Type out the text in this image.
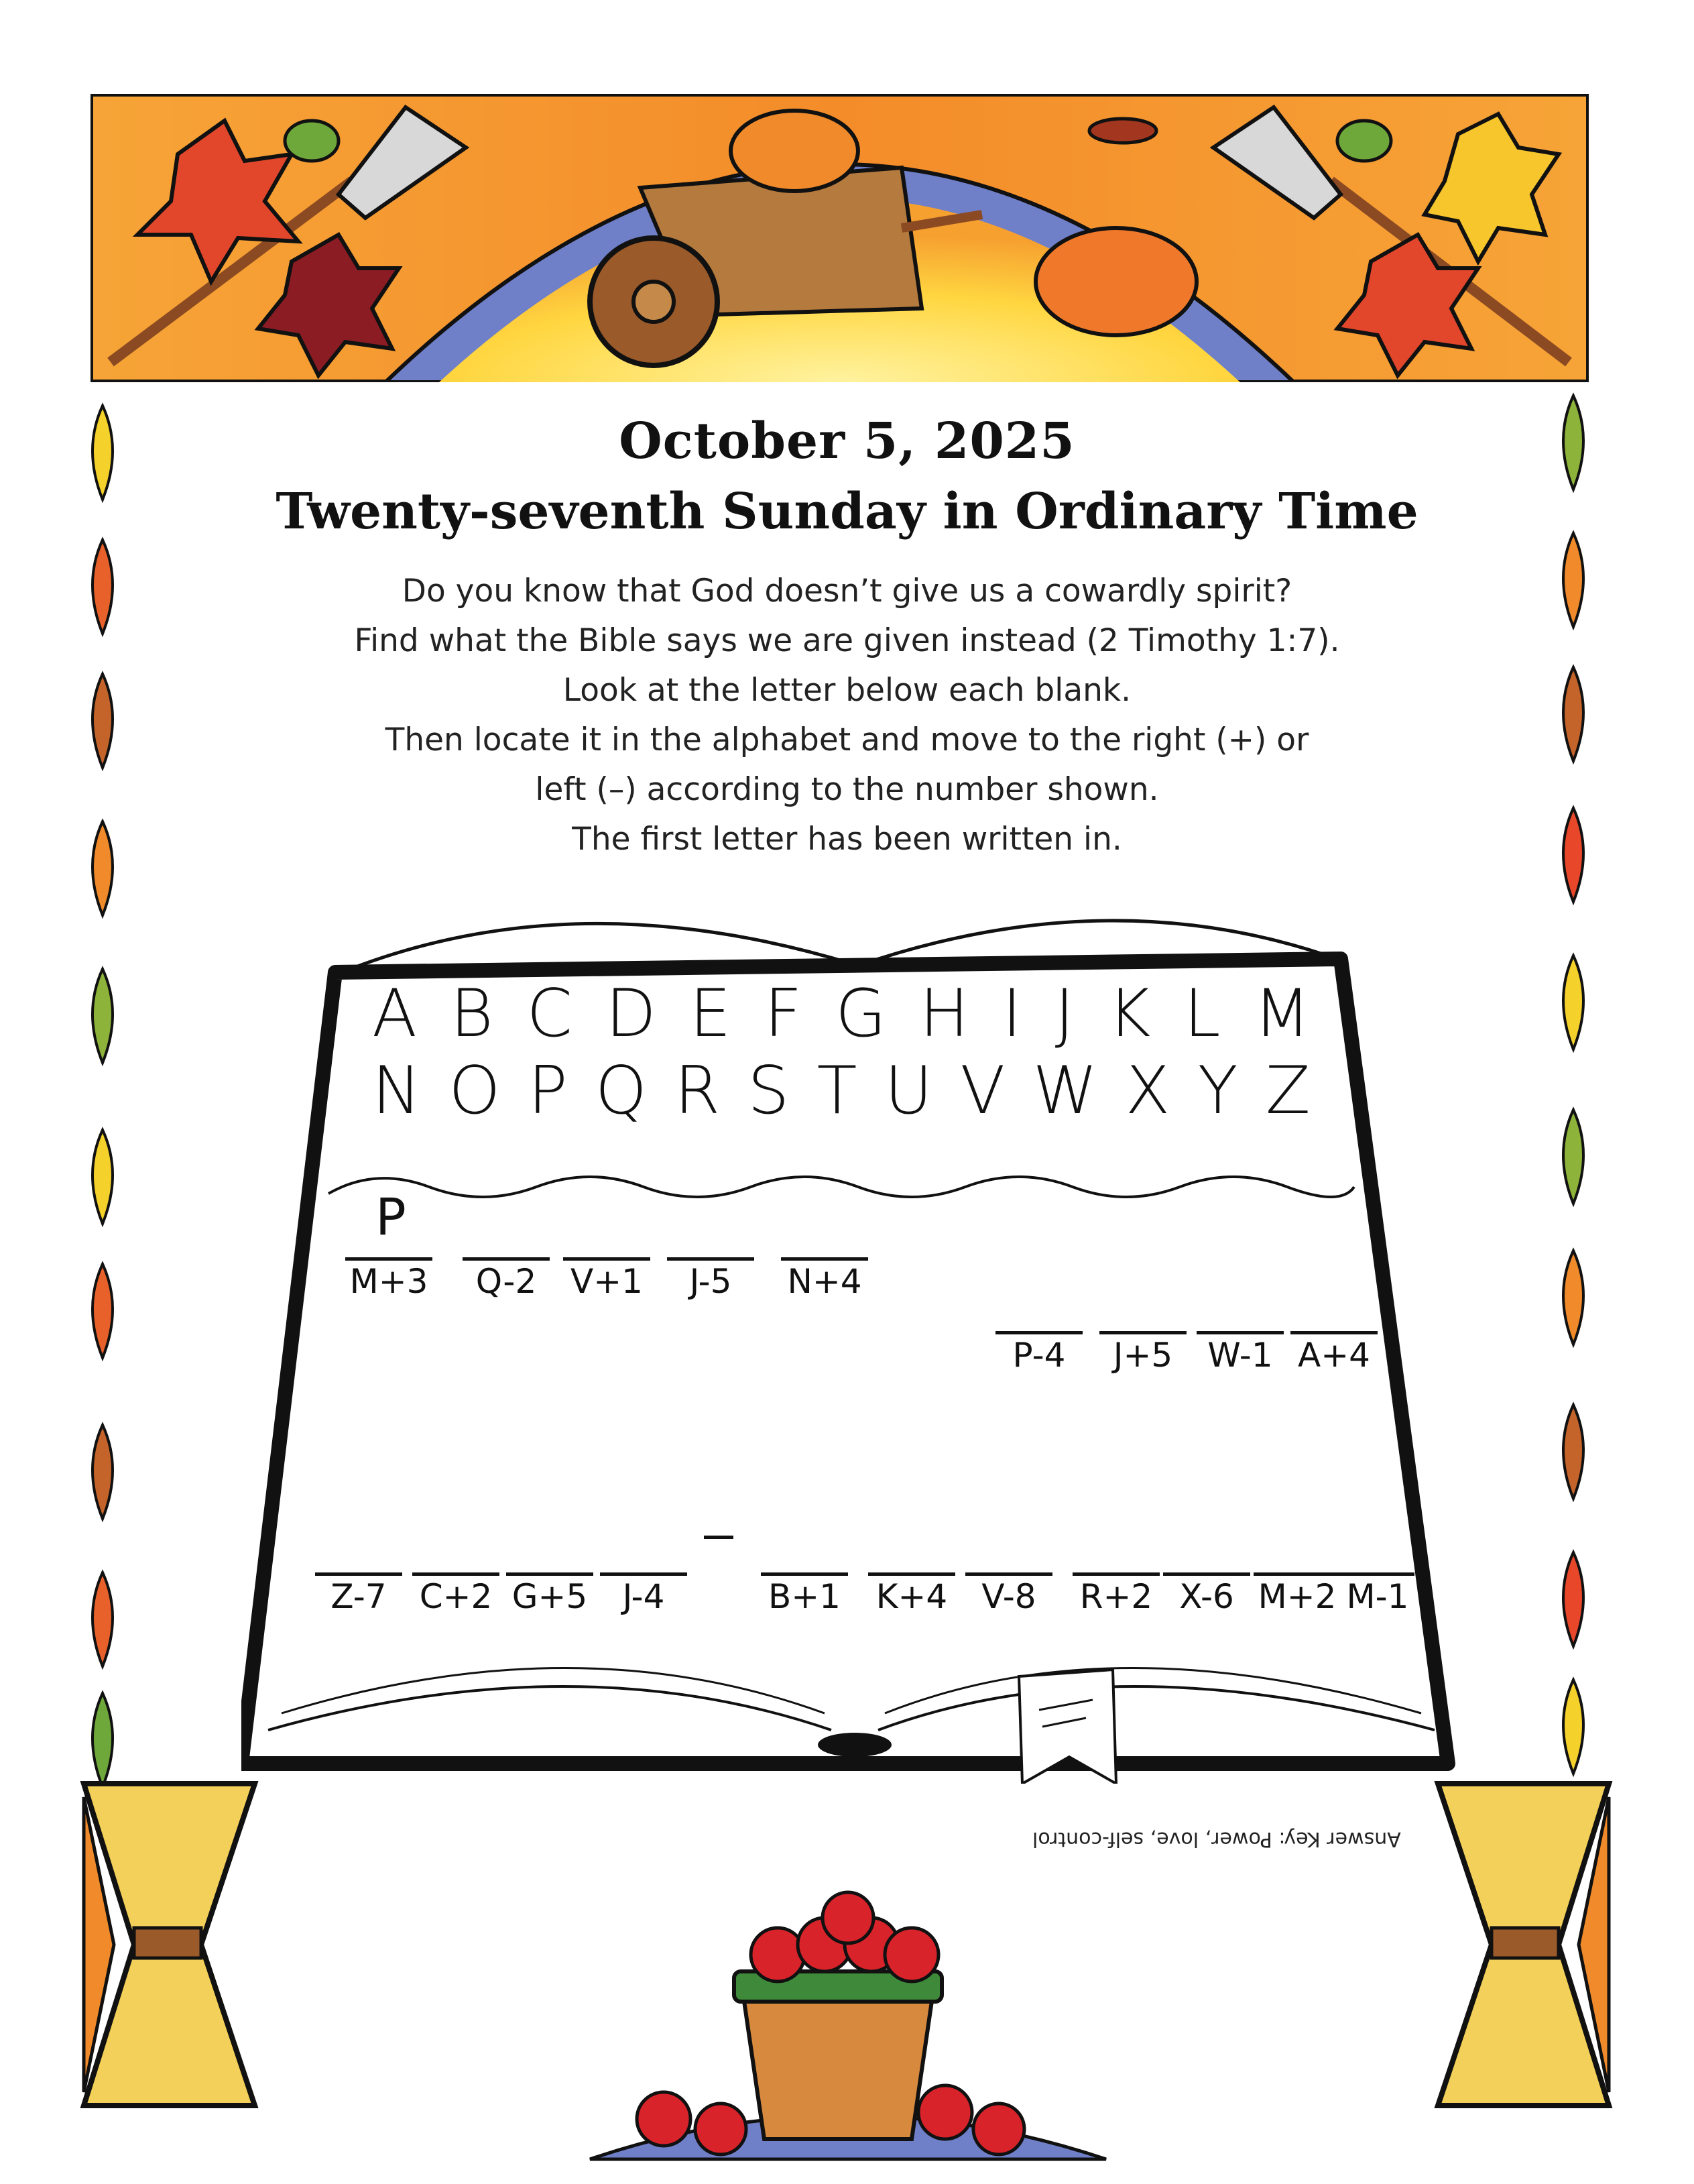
October 5, 2025
Twenty-seventh Sunday in Ordinary Time
Do you know that God doesn’t give us a cowardly spirit?
Find what the Bible says we are given instead (2 Timothy 1:7).
Look at the letter below each blank.
Then locate it in the alphabet and move to the right (+) or
left (–) according to the number shown.
The first letter has been written in.
A B C D E F G H I J K L M
N O P Q R S T U V W X Y Z
P
M+3	Q-2	V+1	J-5	N+4
P-4	J+5	W-1 A+4
Z-7 C+2 G+5	J-4	B+1 K+4	V-8	R+2 X-6 M+2 M-1
Answer Key: Power, love, self-control
